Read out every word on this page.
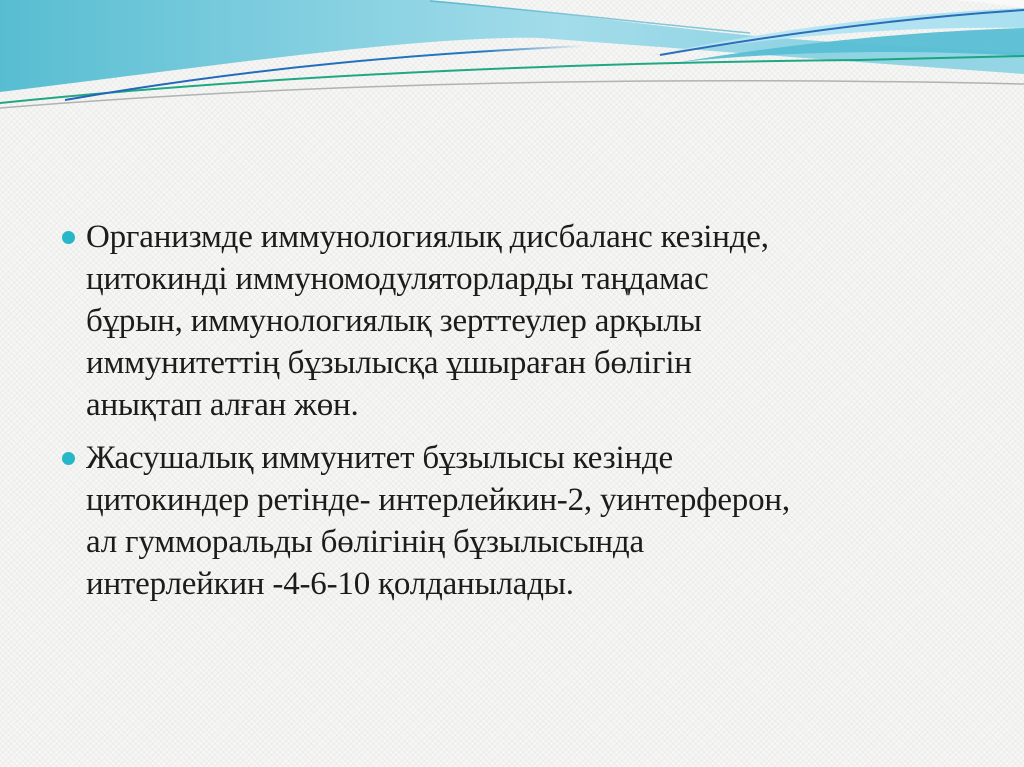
Организмде иммунологиялық дисбаланс кезінде,
цитокинді иммуномодуляторларды таңдамас
бұрын, иммунологиялық зерттеулер арқылы
иммунитеттің бұзылысқа ұшыраған бөлігін
анықтап алған жөн.
Жасушалық иммунитет бұзылысы кезінде
цитокиндер ретінде- интерлейкин-2, уинтерферон,
ал гумморальды бөлігінің бұзылысында
интерлейкин -4-6-10 қолданылады.
